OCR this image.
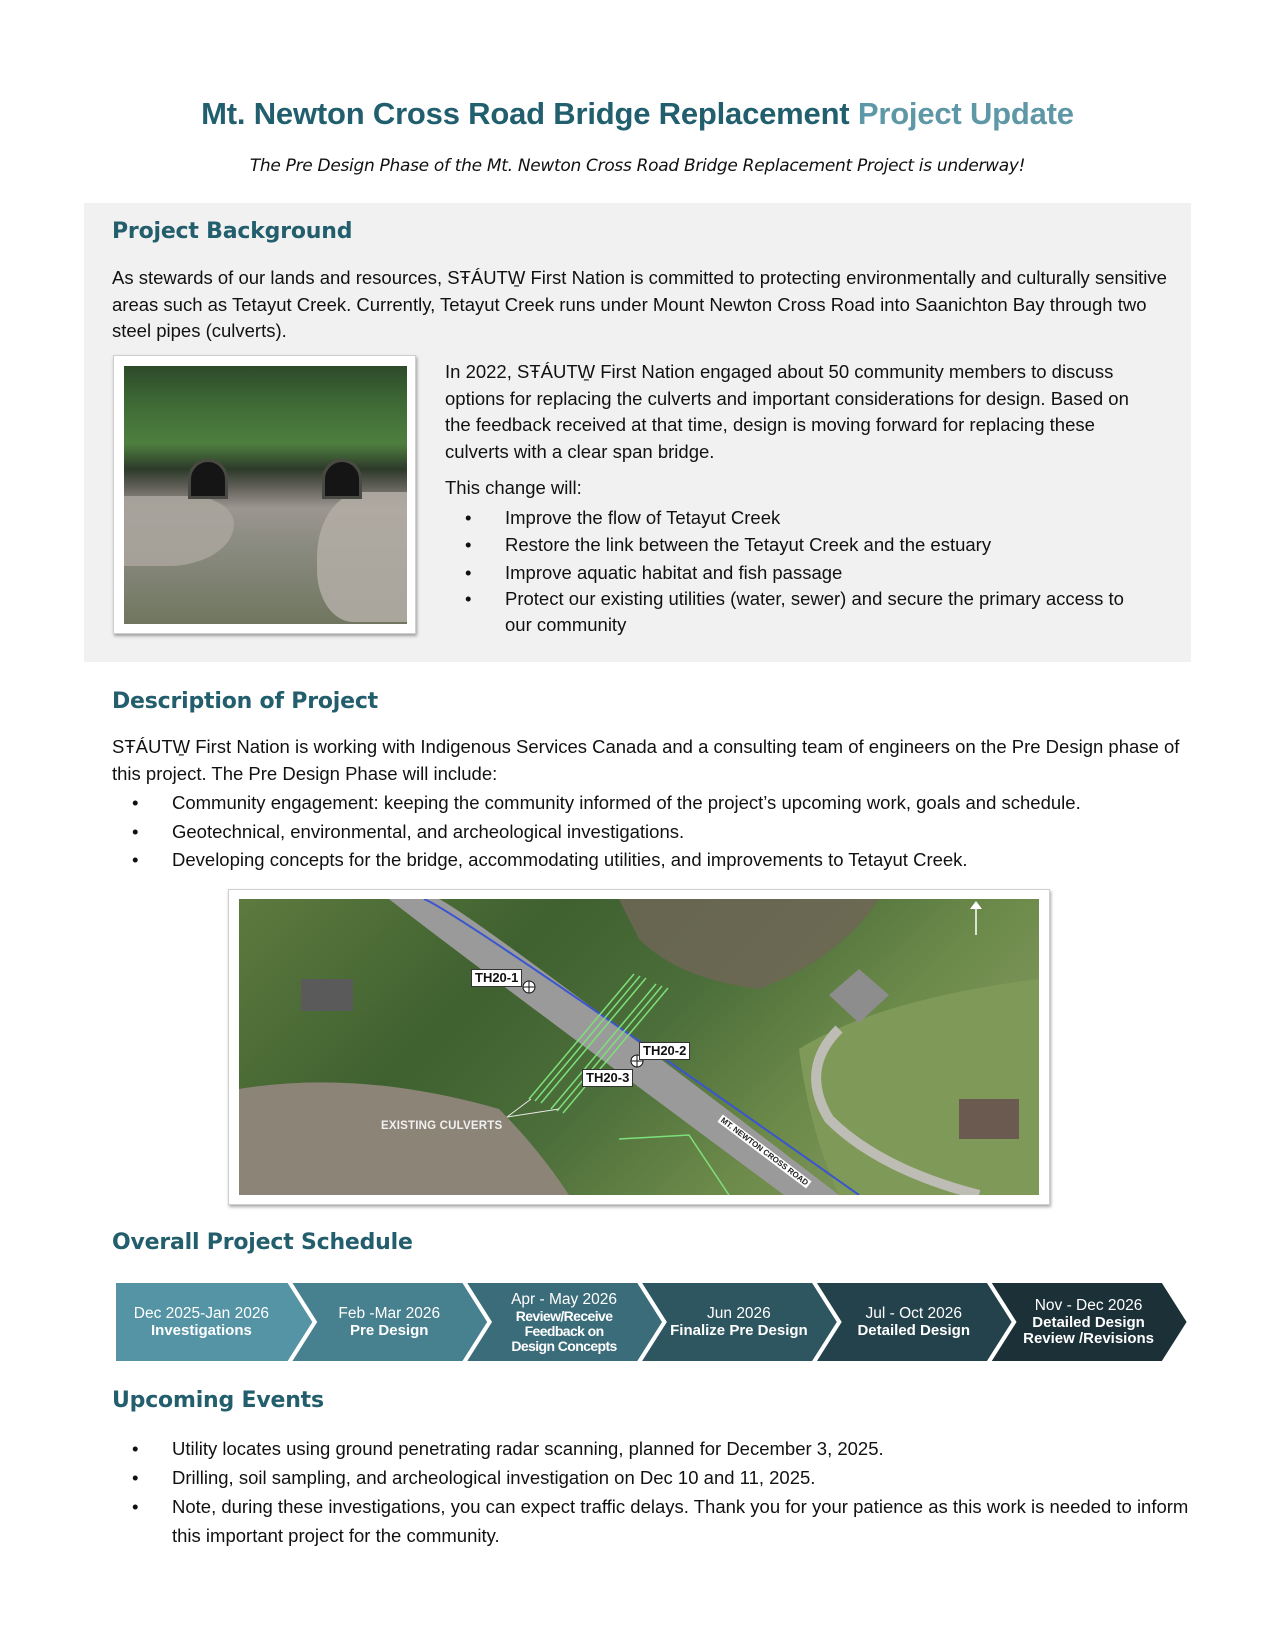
Mt. Newton Cross Road Bridge Replacement Project Update
The Pre Design Phase of the Mt. Newton Cross Road Bridge Replacement Project is underway!
Project Background
As stewards of our lands and resources, SŦÁUTW̱ First Nation is committed to protecting environmentally and culturally sensitive areas such as Tetayut Creek. Currently, Tetayut Creek runs under Mount Newton Cross Road into Saanichton Bay through two steel pipes (culverts).

In 2022, SŦÁUTW̱ First Nation engaged about 50 community members to discuss options for replacing the culverts and important considerations for design. Based on the feedback received at that time, design is moving forward for replacing these culverts with a clear span bridge.

This change will:

• Improve the flow of Tetayut Creek
• Restore the link between the Tetayut Creek and the estuary
• Improve aquatic habitat and fish passage
• Protect our existing utilities (water, sewer) and secure the primary access to our community
Description of Project
SŦÁUTW̱ First Nation is working with Indigenous Services Canada and a consulting team of engineers on the Pre Design phase of this project. The Pre Design Phase will include:
• Community engagement: keeping the community informed of the project’s upcoming work, goals and schedule.
• Geotechnical, environmental, and archeological investigations.
• Developing concepts for the bridge, accommodating utilities, and improvements to Tetayut Creek.
TH20-1
TH20-2
TH20-3
EXISTING CULVERTS	MT. NEWTON CROSS ROAD
Overall Project Schedule
Dec 2025-Jan 2026
Investigations
Feb -Mar 2026
Pre Design
Apr - May 2026
Review/Receive Feedback on Design Concepts
Jun 2026
Finalize Pre Design
Jul - Oct 2026
Detailed Design
Nov - Dec 2026
Detailed Design Review /Revisions
Upcoming Events
• Utility locates using ground penetrating radar scanning, planned for December 3, 2025.
• Drilling, soil sampling, and archeological investigation on Dec 10 and 11, 2025.
• Note, during these investigations, you can expect traffic delays. Thank you for your patience as this work is needed to inform this important project for the community.
